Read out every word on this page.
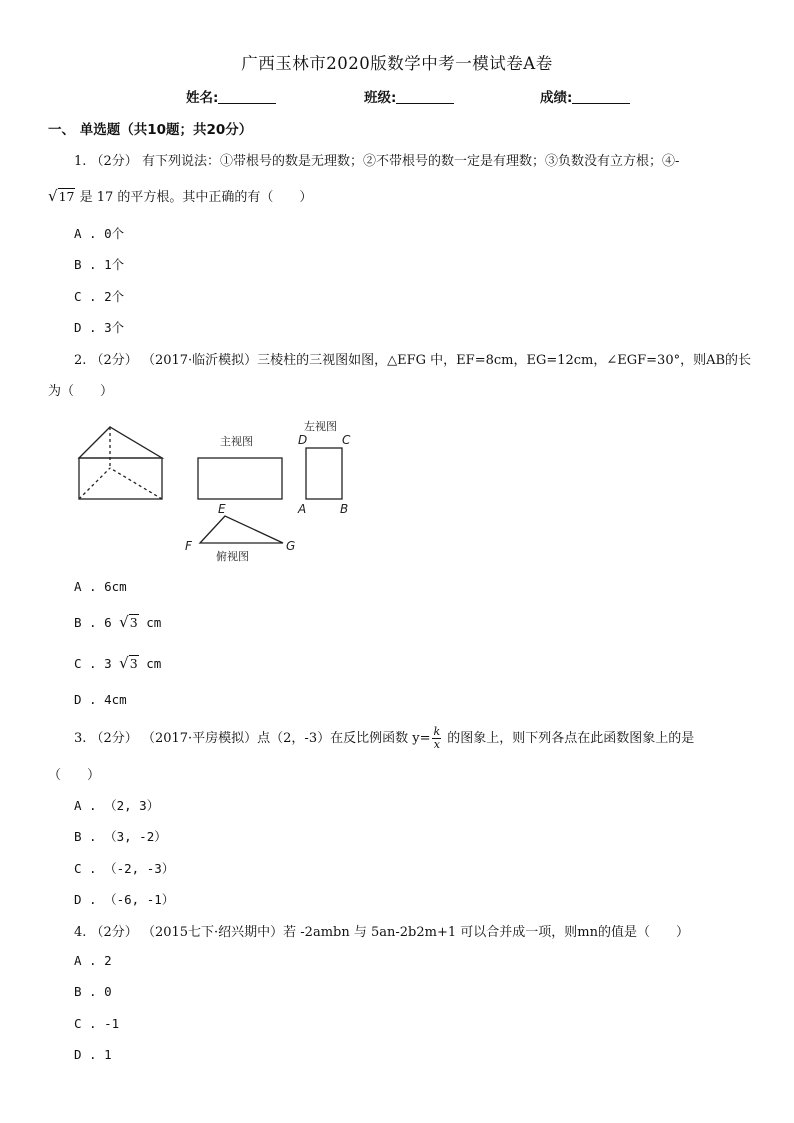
广西玉林市2020版数学中考一模试卷A卷
姓名:	班级:	成绩:
一、 单选题（共10题；共20分）
1. （2分） 有下列说法：①带根号的数是无理数；②不带根号的数一定是有理数；③负数没有立方根；④-
√17 是 17 的平方根。其中正确的有（　　）
A . 0个
B . 1个
C . 2个
D . 3个
2. （2分） （2017·临沂模拟）三棱柱的三视图如图，△EFG 中，EF=8cm，EG=12cm，∠EGF=30°，则AB的长
为（　　）
主视图
左视图
D	C
A	B
E
F	G
俯视图
A . 6cm
B . 6 √3 cm
C . 3 √3 cm
D . 4cm
3. （2分） （2017·平房模拟）点（2，-3）在反比例函数 $y= \frac{k}{x}$ 的图象上，则下列各点在此函数图象上的是
（　　）
A . （2, 3）
B . （3, -2）
C . （-2, -3）
D . （-6, -1）
4. （2分） （2015七下·绍兴期中）若 -2ambn 与 5an-2b2m+1 可以合并成一项，则mn的值是（　　）
A . 2
B . 0
C . -1
D . 1
